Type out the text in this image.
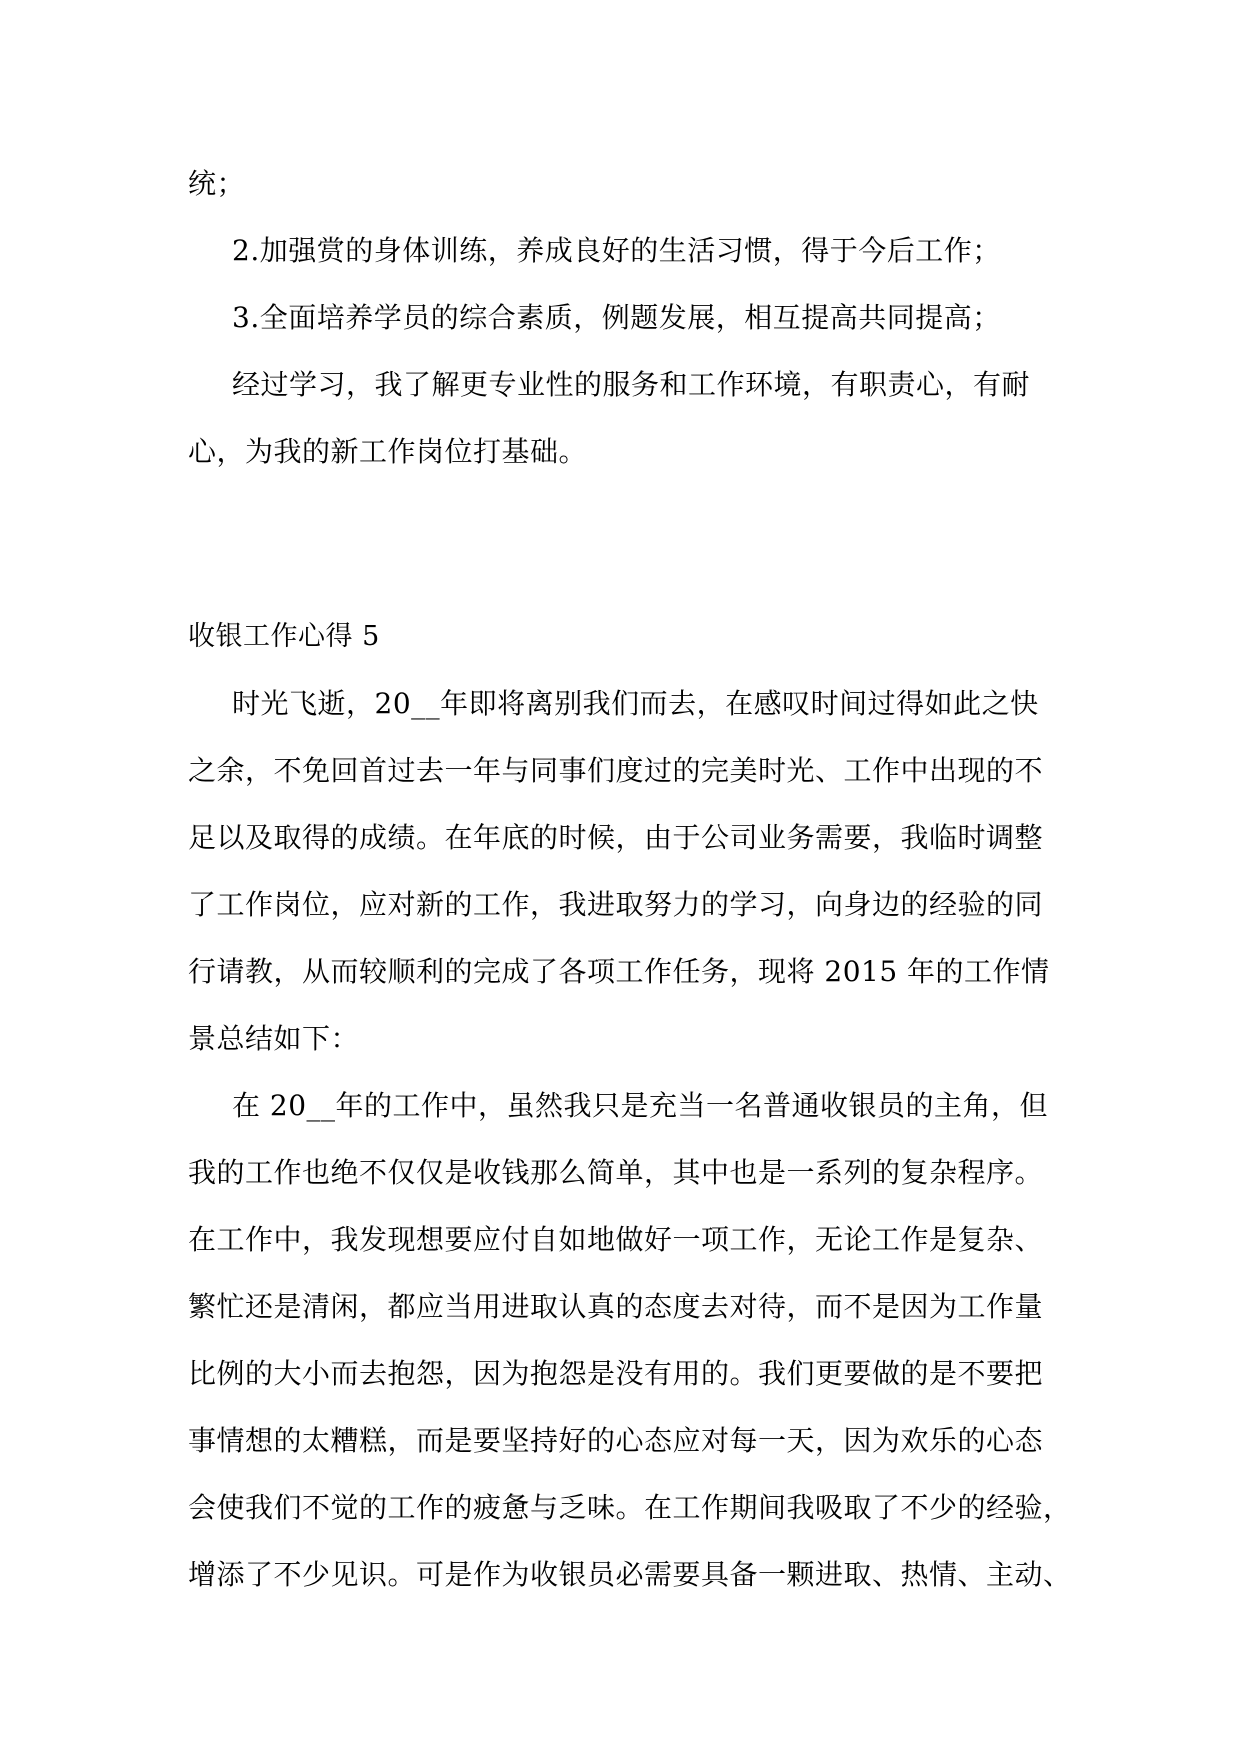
统；
2.加强赏的身体训练，养成良好的生活习惯，得于今后工作；
3.全面培养学员的综合素质，例题发展，相互提高共同提高；
经过学习，我了解更专业性的服务和工作环境，有职责心，有耐
心，为我的新工作岗位打基础。
收银工作心得 5
时光飞逝，20__年即将离别我们而去，在感叹时间过得如此之快
之余，不免回首过去一年与同事们度过的完美时光、工作中出现的不
足以及取得的成绩。在年底的时候，由于公司业务需要，我临时调整
了工作岗位，应对新的工作，我进取努力的学习，向身边的经验的同
行请教，从而较顺利的完成了各项工作任务，现将 2015 年的工作情
景总结如下：
在 20__年的工作中，虽然我只是充当一名普通收银员的主角，但
我的工作也绝不仅仅是收钱那么简单，其中也是一系列的复杂程序。
在工作中，我发现想要应付自如地做好一项工作，无论工作是复杂、
繁忙还是清闲，都应当用进取认真的态度去对待，而不是因为工作量
比例的大小而去抱怨，因为抱怨是没有用的。我们更要做的是不要把
事情想的太糟糕，而是要坚持好的心态应对每一天，因为欢乐的心态
会使我们不觉的工作的疲惫与乏味。在工作期间我吸取了不少的经验，
增添了不少见识。可是作为收银员必需要具备一颗进取、热情、主动、
